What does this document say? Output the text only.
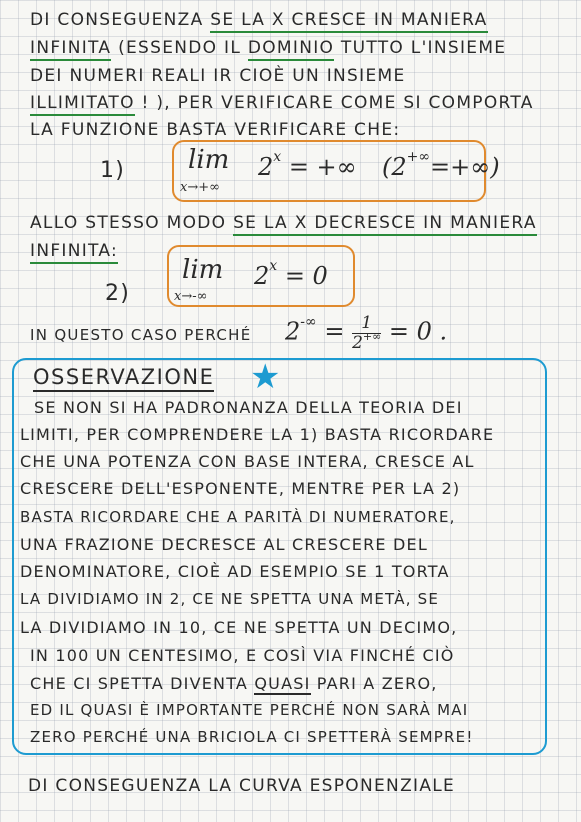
DI CONSEGUENZA SE LA X CRESCE IN MANIERA
INFINITA (ESSENDO IL DOMINIO TUTTO L'INSIEME
DEI NUMERI REALI IR CIOÈ UN INSIEME
ILLIMITATO ! ), PER VERIFICARE COME SI COMPORTA
LA FUNZIONE BASTA VERIFICARE CHE:
1) lim
x→+∞
$2^x$ = +∞ (2+∞=+∞)
ALLO STESSO MODO SE LA X DECRESCE IN MANIERA
INFINITA:
2)
lim
x→-∞
$2^x = 0$
IN QUESTO CASO PERCHÉ $2^{-\infty} = \frac{1}{2^{+\infty}} = 0$ .
OSSERVAZIONE ★
SE NON SI HA PADRONANZA DELLA TEORIA DEI
LIMITI, PER COMPRENDERE LA 1) BASTA RICORDARE
CHE UNA POTENZA CON BASE INTERA, CRESCE AL
CRESCERE DELL'ESPONENTE, MENTRE PER LA 2)
BASTA RICORDARE CHE A PARITÀ DI NUMERATORE,
UNA FRAZIONE DECRESCE AL CRESCERE DEL
DENOMINATORE, CIOÈ AD ESEMPIO SE 1 TORTA
LA DIVIDIAMO IN 2, CE NE SPETTA UNA METÀ, SE
LA DIVIDIAMO IN 10, CE NE SPETTA UN DECIMO,
IN 100 UN CENTESIMO, E COSÌ VIA FINCHÉ CIÒ
CHE CI SPETTA DIVENTA QUASI PARI A ZERO,
ED IL QUASI È IMPORTANTE PERCHÉ NON SARÀ MAI
ZERO PERCHÉ UNA BRICIOLA CI SPETTERÀ SEMPRE!
DI CONSEGUENZA LA CURVA ESPONENZIALE
